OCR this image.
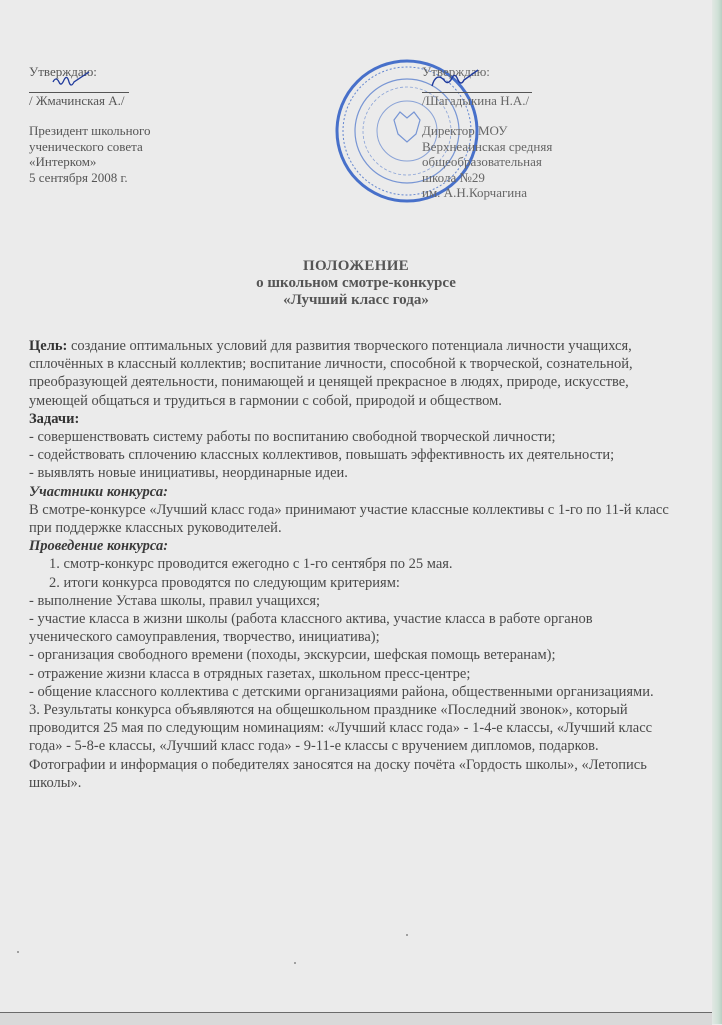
Утверждаю:
/ Жмачинская А./
Президент школьного
ученического совета
«Интерком»
5 сентября 2008 г.
Утверждаю:
/Шагадыкина Н.А./
Директор МОУ
Верхнеаинская средняя
общеобразовательная
школа №29
им. А.Н.Корчагина
ПОЛОЖЕНИЕ
о школьном смотре-конкурсе
«Лучший класс года»

Цель: создание оптимальных условий для развития творческого потенциала личности учащихся, сплочённых в классный коллектив; воспитание личности, способной к творческой, сознательной, преобразующей деятельности, понимающей и ценящей прекрасное в людях, природе, искусстве, умеющей общаться и трудиться в гармонии с собой, природой и обществом.

Задачи:

- совершенствовать систему работы по воспитанию свободной творческой личности;

- содействовать сплочению классных коллективов, повышать эффективность их деятельности;

- выявлять новые инициативы, неординарные идеи.

Участники конкурса:

В смотре-конкурсе «Лучший класс года» принимают участие классные коллективы с 1-го по 11-й класс при поддержке классных руководителей.

Проведение конкурса:

1. смотр-конкурс проводится ежегодно с 1-го сентября по 25 мая.

2. итоги конкурса проводятся по следующим критериям:

- выполнение Устава школы, правил учащихся;

- участие класса в жизни школы (работа классного актива, участие класса в работе органов ученического самоуправления, творчество, инициатива);

- организация свободного времени (походы, экскурсии, шефская помощь ветеранам);

- отражение жизни класса в отрядных газетах, школьном пресс-центре;

- общение классного коллектива с детскими организациями района, общественными организациями.

3. Результаты конкурса объявляются на общешкольном празднике «Последний звонок», который проводится 25 мая по следующим номинациям: «Лучший класс года» - 1-4-е классы, «Лучший класс года» - 5-8-е классы, «Лучший класс года» - 9-11-е классы с вручением дипломов, подарков.

Фотографии и информация о победителях заносятся на доску почёта «Гордость школы», «Летопись школы».
